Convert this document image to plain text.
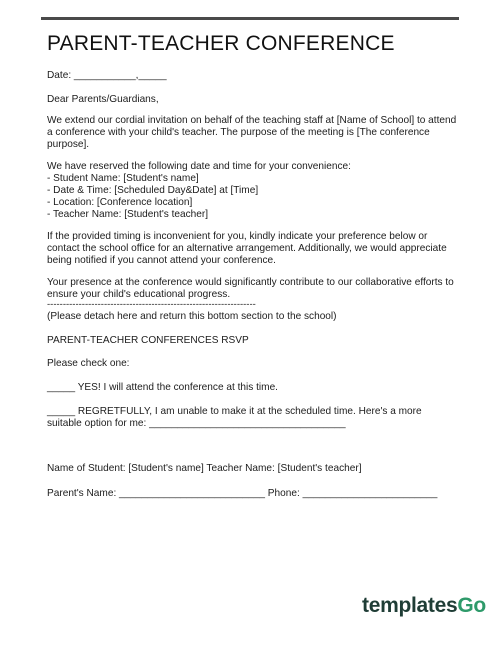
PARENT-TEACHER CONFERENCE
Date: ___________,_____
Dear Parents/Guardians,
We extend our cordial invitation on behalf of the teaching staff at [Name of School] to attend
a conference with your child's teacher. The purpose of the meeting is [The conference
purpose].
We have reserved the following date and time for your convenience:
- Student Name: [Student's name]
- Date & Time: [Scheduled Day&Date] at [Time]
- Location: [Conference location]
- Teacher Name: [Student's teacher]
If the provided timing is inconvenient for you, kindly indicate your preference below or
contact the school office for an alternative arrangement. Additionally, we would appreciate
being notified if you cannot attend your conference.
Your presence at the conference would significantly contribute to our collaborative efforts to
ensure your child's educational progress.
------------------------------------------------------------------
(Please detach here and return this bottom section to the school)
PARENT-TEACHER CONFERENCES RSVP
Please check one:
_____ YES! I will attend the conference at this time.
_____ REGRETFULLY, I am unable to make it at the scheduled time. Here's a more
suitable option for me: ___________________________________
Name of Student: [Student's name] Teacher Name: [Student's teacher]
Parent's Name: __________________________ Phone: ________________________
templatesGo
